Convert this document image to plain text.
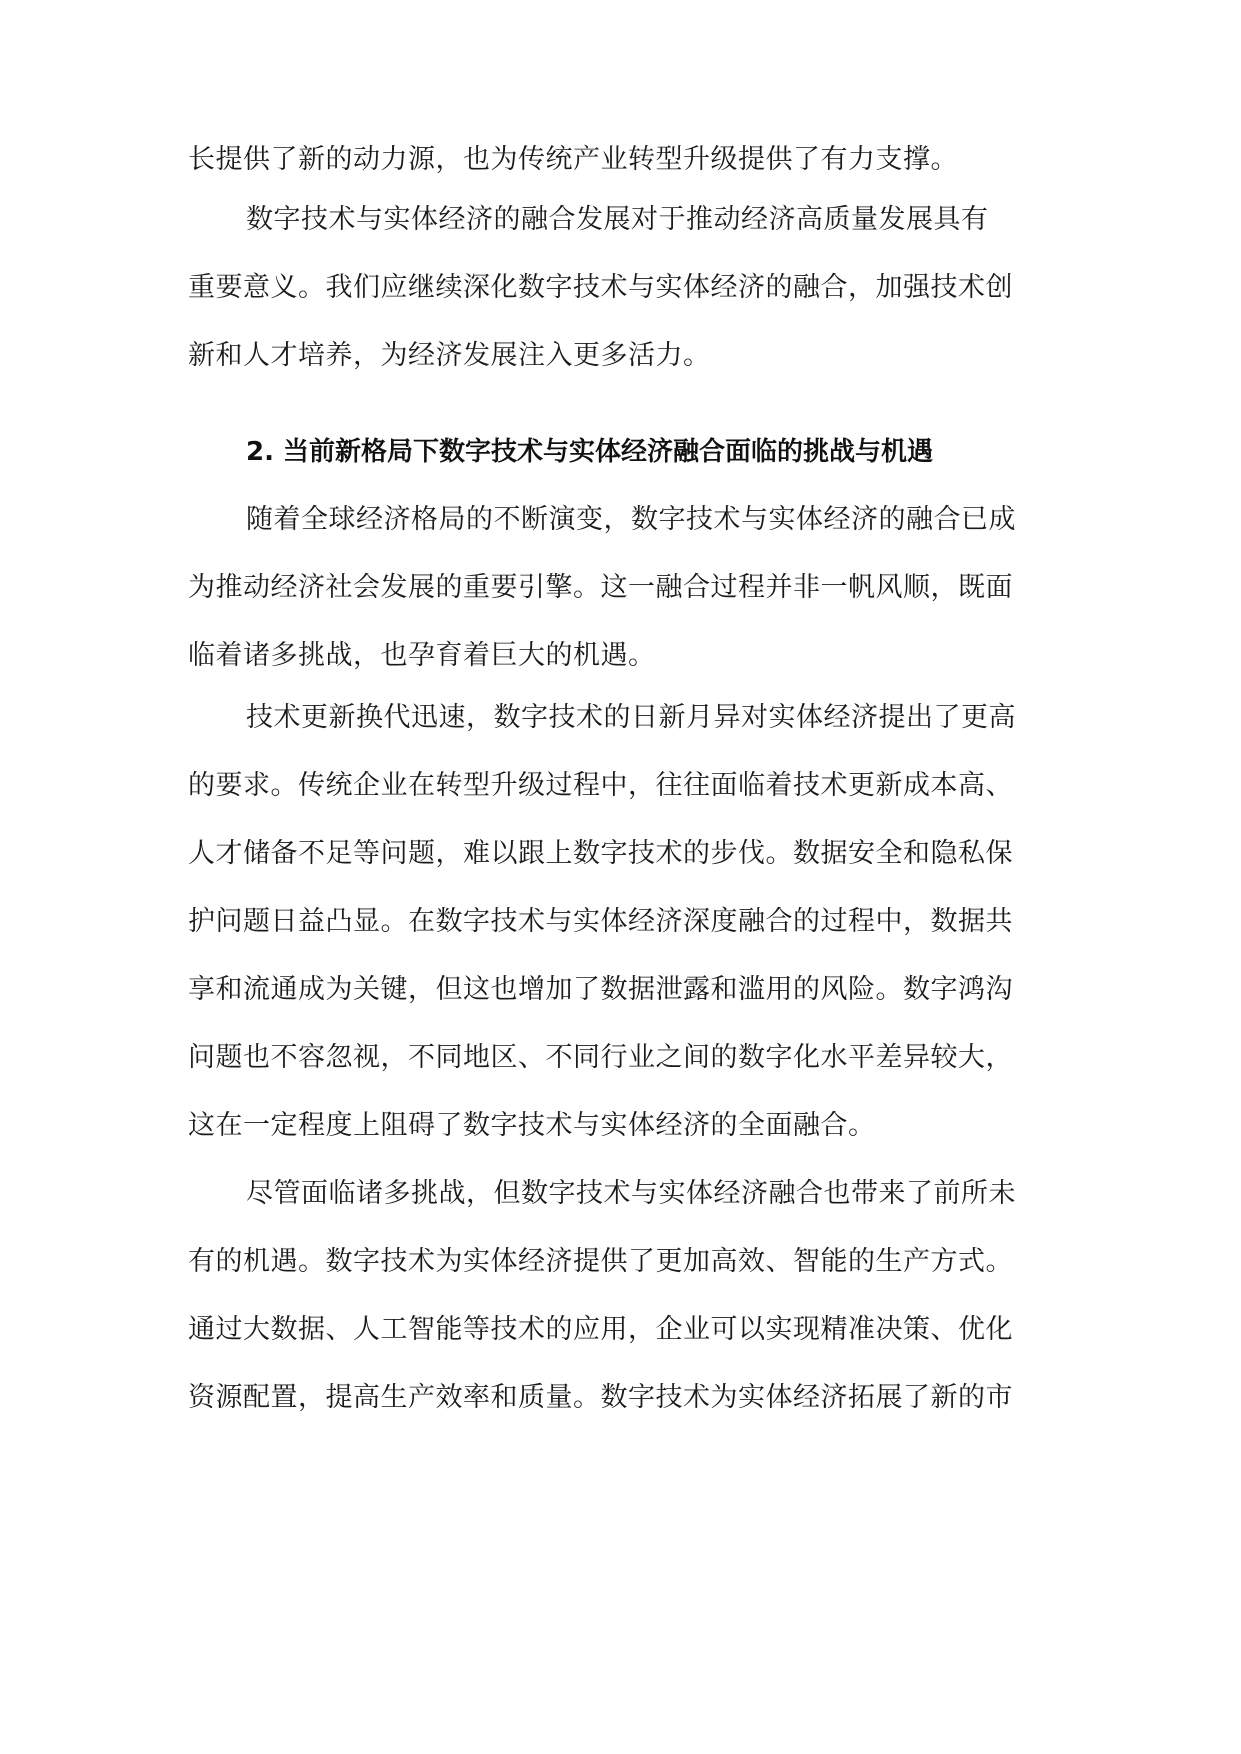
长提供了新的动力源，也为传统产业转型升级提供了有力支撑。
数字技术与实体经济的融合发展对于推动经济高质量发展具有
重要意义。我们应继续深化数字技术与实体经济的融合，加强技术创
新和人才培养，为经济发展注入更多活力。
2. 当前新格局下数字技术与实体经济融合面临的挑战与机遇
随着全球经济格局的不断演变，数字技术与实体经济的融合已成
为推动经济社会发展的重要引擎。这一融合过程并非一帆风顺，既面
临着诸多挑战，也孕育着巨大的机遇。
技术更新换代迅速，数字技术的日新月异对实体经济提出了更高
的要求。传统企业在转型升级过程中，往往面临着技术更新成本高、
人才储备不足等问题，难以跟上数字技术的步伐。数据安全和隐私保
护问题日益凸显。在数字技术与实体经济深度融合的过程中，数据共
享和流通成为关键，但这也增加了数据泄露和滥用的风险。数字鸿沟
问题也不容忽视，不同地区、不同行业之间的数字化水平差异较大，
这在一定程度上阻碍了数字技术与实体经济的全面融合。
尽管面临诸多挑战，但数字技术与实体经济融合也带来了前所未
有的机遇。数字技术为实体经济提供了更加高效、智能的生产方式。
通过大数据、人工智能等技术的应用，企业可以实现精准决策、优化
资源配置，提高生产效率和质量。数字技术为实体经济拓展了新的市
